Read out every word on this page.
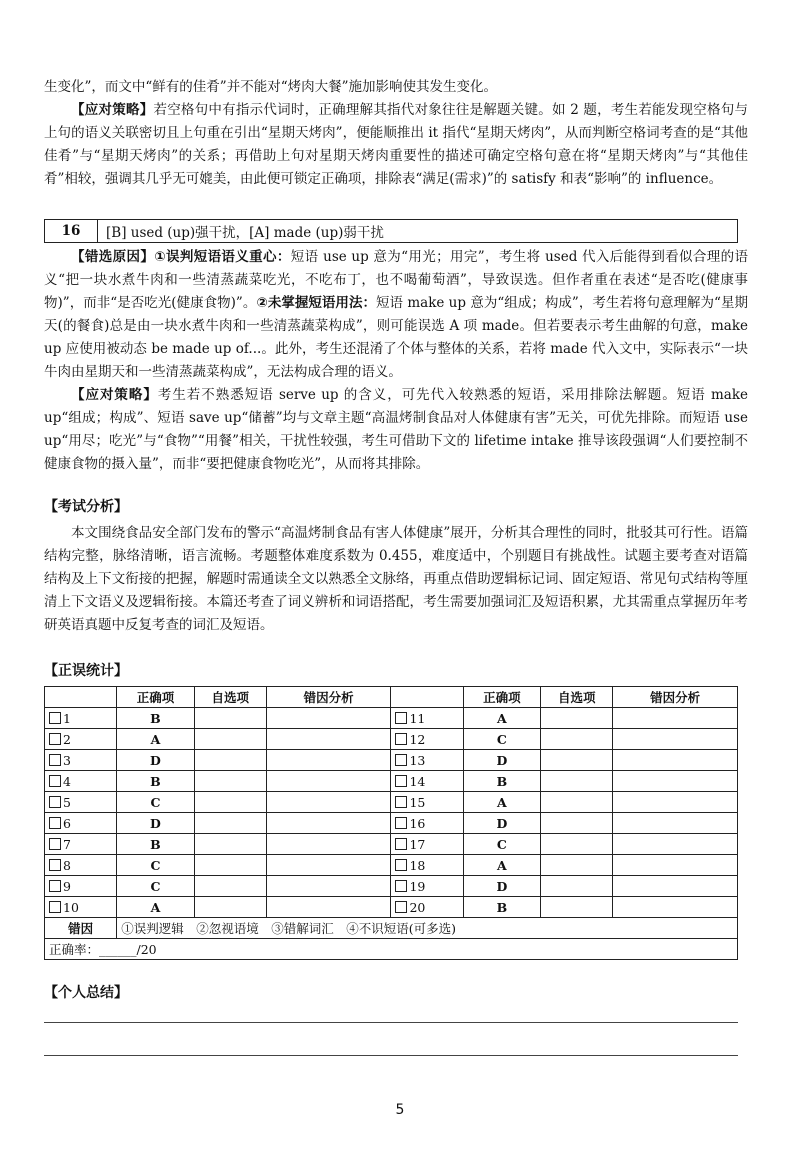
生变化”，而文中“鲜有的佳肴”并不能对“烤肉大餐”施加影响使其发生变化。
【应对策略】若空格句中有指示代词时，正确理解其指代对象往往是解题关键。如 2 题，考生若能发现空格句与上句的语义关联密切且上句重在引出“星期天烤肉”，便能顺推出 it 指代“星期天烤肉”，从而判断空格词考查的是“其他佳肴”与“星期天烤肉”的关系；再借助上句对星期天烤肉重要性的描述可确定空格句意在将“星期天烤肉”与“其他佳肴”相较，强调其几乎无可媲美，由此便可锁定正确项，排除表“满足(需求)”的 satisfy 和表“影响”的 influence。
16	[B] used (up)强干扰，[A] made (up)弱干扰
【错选原因】①误判短语语义重心：短语 use up 意为“用光；用完”，考生将 used 代入后能得到看似合理的语义“把一块水煮牛肉和一些清蒸蔬菜吃光，不吃布丁，也不喝葡萄酒”，导致误选。但作者重在表述“是否吃(健康事物)”，而非“是否吃光(健康食物)”。②未掌握短语用法：短语 make up 意为“组成；构成”，考生若将句意理解为“星期天(的餐食)总是由一块水煮牛肉和一些清蒸蔬菜构成”，则可能误选 A 项 made。但若要表示考生曲解的句意，make up 应使用被动态 be made up of...。此外，考生还混淆了个体与整体的关系，若将 made 代入文中，实际表示“一块牛肉由星期天和一些清蒸蔬菜构成”，无法构成合理的语义。
【应对策略】考生若不熟悉短语 serve up 的含义，可先代入较熟悉的短语，采用排除法解题。短语 make up“组成；构成”、短语 save up“储蓄”均与文章主题“高温烤制食品对人体健康有害”无关，可优先排除。而短语 use up“用尽；吃光”与“食物”“用餐”相关，干扰性较强，考生可借助下文的 lifetime intake 推导该段强调“人们要控制不健康食物的摄入量”，而非“要把健康食物吃光”，从而将其排除。
【考试分析】
本文围绕食品安全部门发布的警示“高温烤制食品有害人体健康”展开，分析其合理性的同时，批驳其可行性。语篇结构完整，脉络清晰，语言流畅。考题整体难度系数为 0.455，难度适中，个别题目有挑战性。试题主要考查对语篇结构及上下文衔接的把握，解题时需通读全文以熟悉全文脉络，再重点借助逻辑标记词、固定短语、常见句式结构等厘清上下文语义及逻辑衔接。本篇还考查了词义辨析和词语搭配，考生需要加强词汇及短语积累，尤其需重点掌握历年考研英语真题中反复考查的词汇及短语。
【正误统计】
	正确项	自选项	错因分析		正确项	自选项	错因分析
1	B			11	A		
2	A			12	C		
3	D			13	D		
4	B			14	B		
5	C			15	A		
6	D			16	D		
7	B			17	C		
8	C			18	A		
9	C			19	D		
10	A			20	B		
错因	①误判逻辑　②忽视语境　③错解词汇　④不识短语(可多选)						
正确率：______/20							
【个人总结】
5
